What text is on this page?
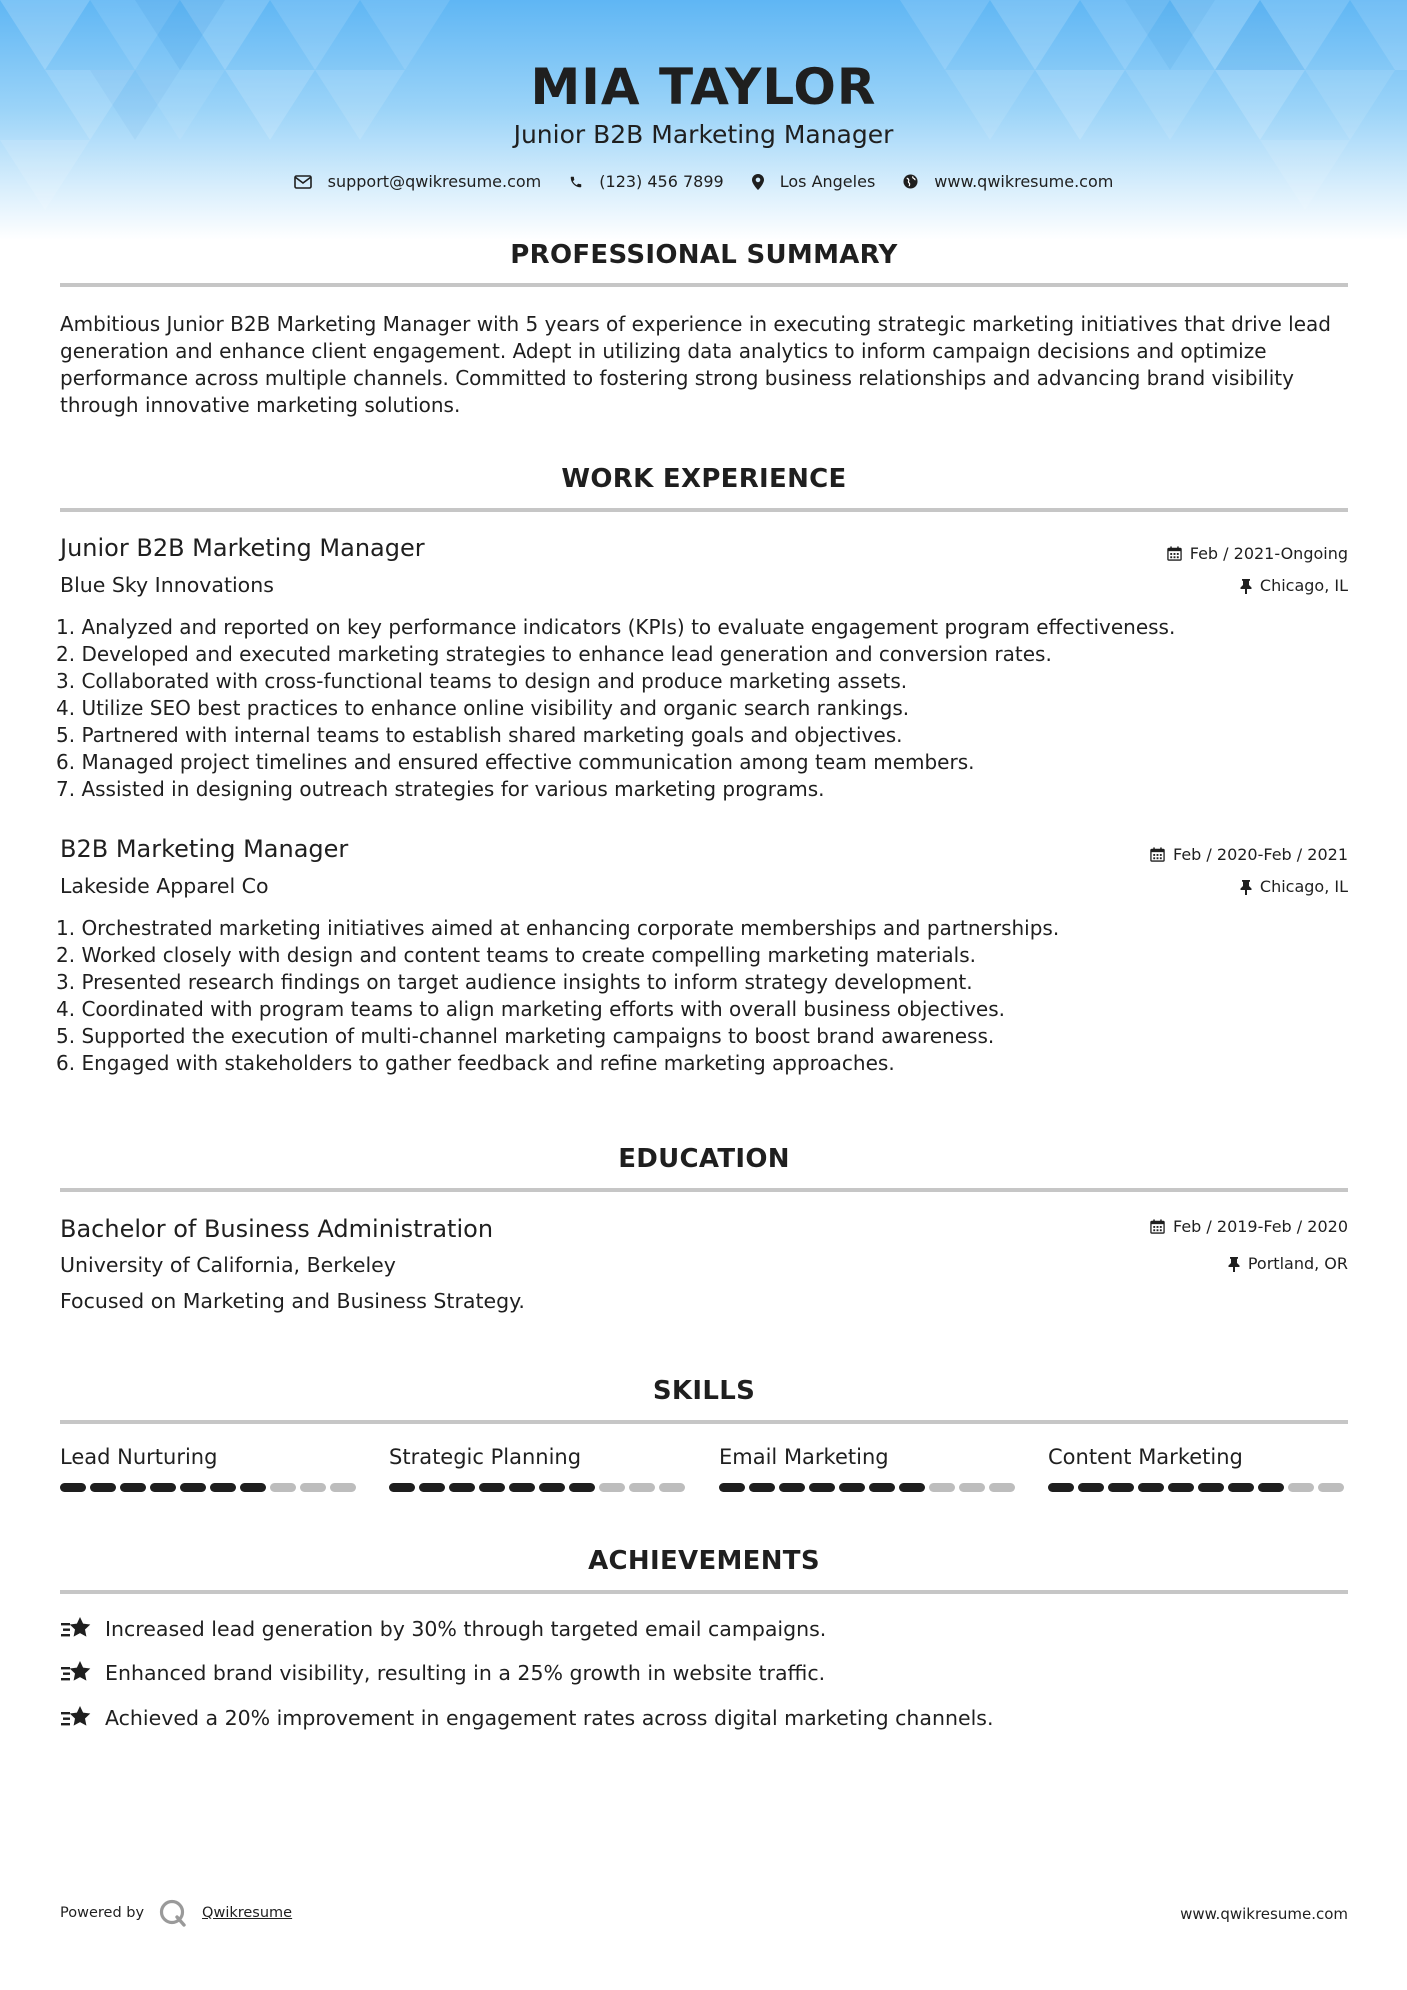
MIA TAYLOR
Junior B2B Marketing Manager
support@qwikresume.com	(123) 456 7899	Los Angeles	www.qwikresume.com
PROFESSIONAL SUMMARY

Ambitious Junior B2B Marketing Manager with 5 years of experience in executing strategic marketing initiatives that drive lead generation and enhance client engagement. Adept in utilizing data analytics to inform campaign decisions and optimize performance across multiple channels. Committed to fostering strong business relationships and advancing brand visibility through innovative marketing solutions.

WORK EXPERIENCE
Junior B2B Marketing Manager	Feb / 2021-Ongoing
Blue Sky Innovations	Chicago, IL
1. Analyzed and reported on key performance indicators (KPIs) to evaluate engagement program effectiveness.
2. Developed and executed marketing strategies to enhance lead generation and conversion rates.
3. Collaborated with cross-functional teams to design and produce marketing assets.
4. Utilize SEO best practices to enhance online visibility and organic search rankings.
5. Partnered with internal teams to establish shared marketing goals and objectives.
6. Managed project timelines and ensured effective communication among team members.
7. Assisted in designing outreach strategies for various marketing programs.
B2B Marketing Manager	Feb / 2020-Feb / 2021
Lakeside Apparel Co	Chicago, IL
1. Orchestrated marketing initiatives aimed at enhancing corporate memberships and partnerships.
2. Worked closely with design and content teams to create compelling marketing materials.
3. Presented research findings on target audience insights to inform strategy development.
4. Coordinated with program teams to align marketing efforts with overall business objectives.
5. Supported the execution of multi-channel marketing campaigns to boost brand awareness.
6. Engaged with stakeholders to gather feedback and refine marketing approaches.
EDUCATION
Bachelor of Business Administration	Feb / 2019-Feb / 2020
University of California, Berkeley	Portland, OR
Focused on Marketing and Business Strategy.
SKILLS
Lead Nurturing	Strategic Planning	Email Marketing	Content Marketing
ACHIEVEMENTS
Increased lead generation by 30% through targeted email campaigns.
Enhanced brand visibility, resulting in a 25% growth in website traffic.
Achieved a 20% improvement in engagement rates across digital marketing channels.
Powered by	Qwikresume	www.qwikresume.com
